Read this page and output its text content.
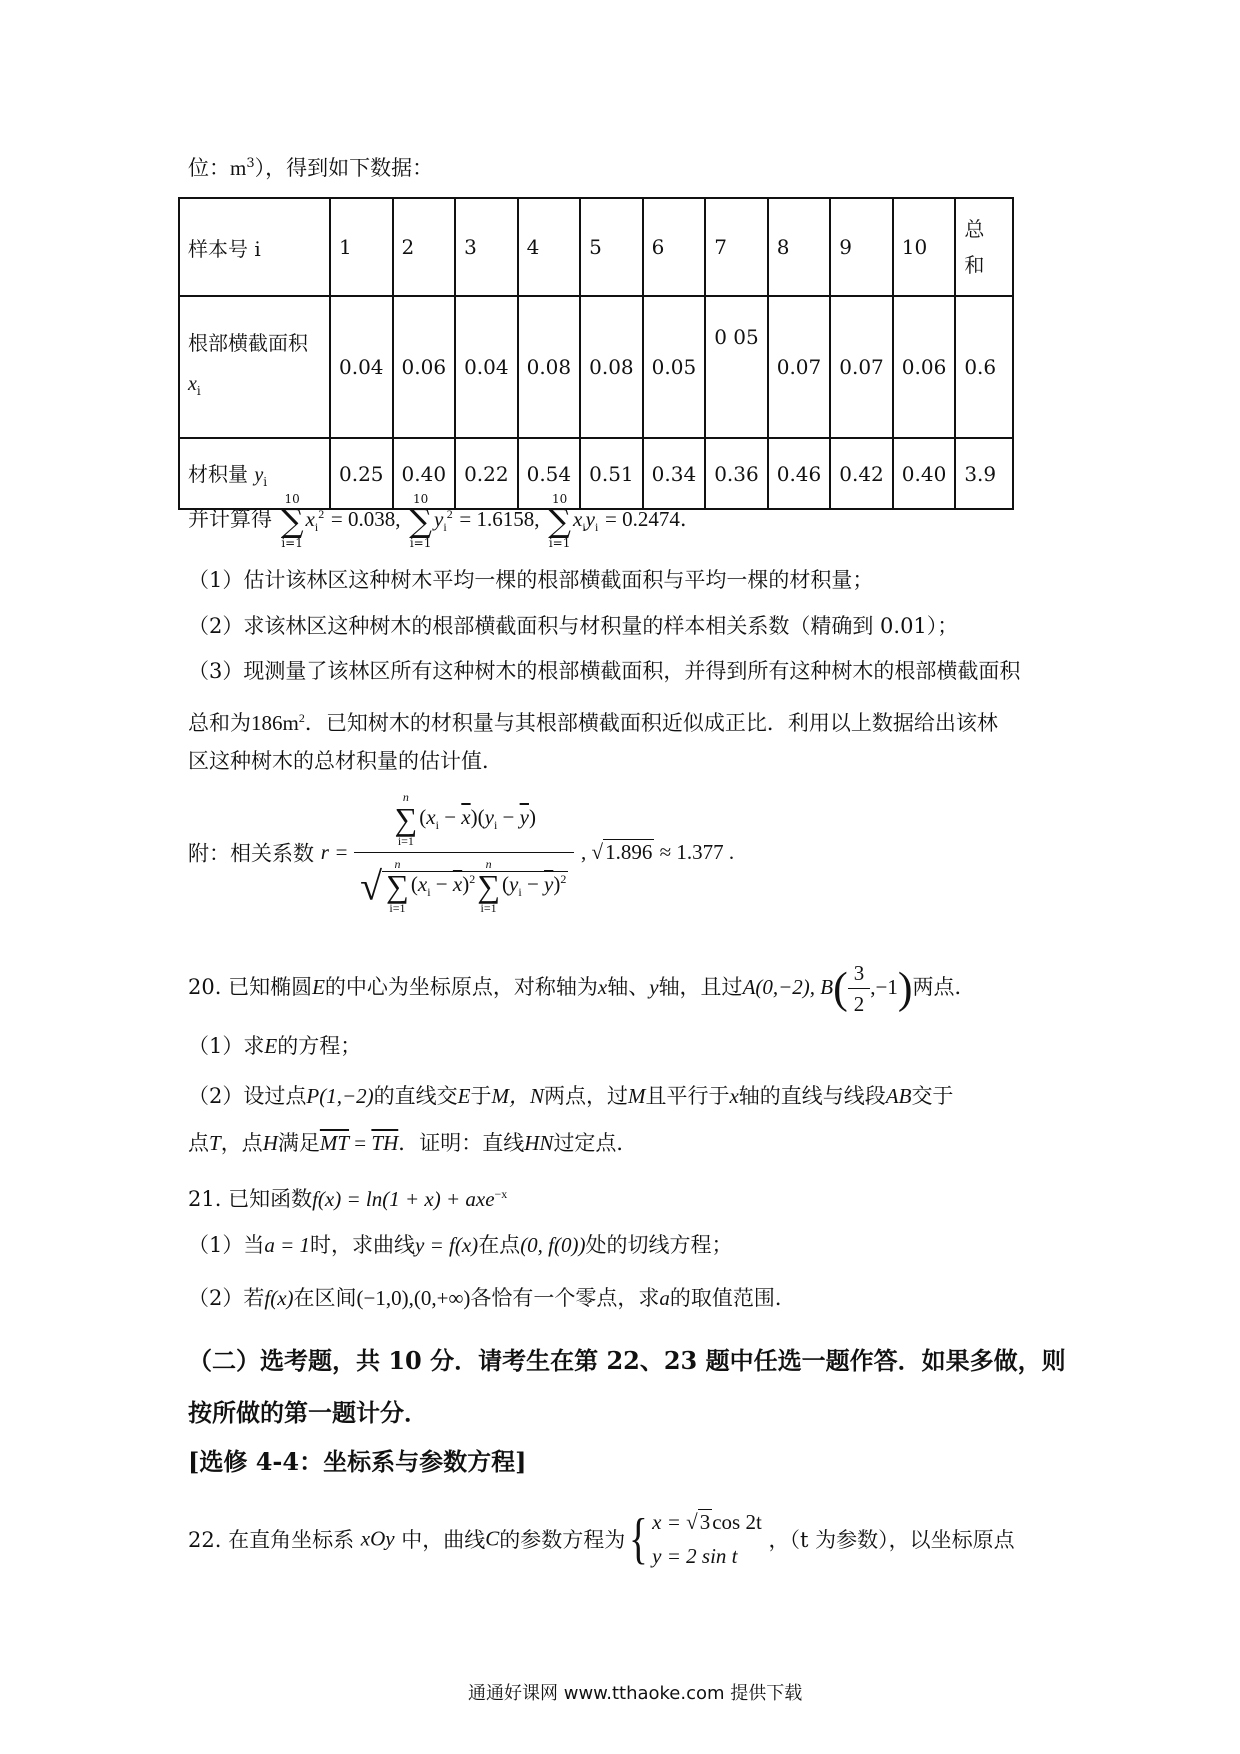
位：$m^3$），得到如下数据：
样本号 i	1	2	3	4	5	6	7	8	9	10	总
和

根部横截面积
$x_i$	0.04	0.06	0.04	0.08	0.08	0.05	0 05	0.07	0.07	0.06	0.6
材积量 $y_i$	0.25	0.40	0.22	0.54	0.51	0.34	0.36	0.46	0.42	0.40	3.9
并计算得
10
∑
i=1
$x_i^2 = 0.038$,
10
∑
i=1
$y_i^2 = 1.6158$,
10
∑
i=1
$x_iy_i = 0.2474$.
（1）估计该林区这种树木平均一棵的根部横截面积与平均一棵的材积量；
（2）求该林区这种树木的根部横截面积与材积量的样本相关系数（精确到 0.01）；
（3）现测量了该林区所有这种树木的根部横截面积，并得到所有这种树木的根部横截面积
总和为$186m^2$．已知树木的材积量与其根部横截面积近似成正比．利用以上数据给出该林
区这种树木的总材积量的估计值．
附：相关系数 r = n
∑
i=1
$(x_i - \overline{x})(y_i - \overline{y})$
√	n
∑
i=1
$(x_i - \overline{x})^2$
n
∑
i=1
$(y_i - \overline{y})^2$ , √1.896 ≈ 1.377 .
20. 已知椭圆E的中心为坐标原点，对称轴为x轴、y轴，且过A(0,−2), $B( \frac{3}{2} ,-1)$两点．
（1）求E的方程；
（2）设过点P(1,−2)的直线交E于M，N两点，过M且平行于x轴的直线与线段AB交于
点T，点H满足$\overline{MT} = \overline{TH}$．证明：直线HN过定点．
21. 已知函数f(x) = ln(1 + x) + axe$^{-x}$
（1）当a = 1时，求曲线y = f(x)在点(0, f(0))处的切线方程；
（2）若f(x)在区间(−1,0),(0,+∞)各恰有一个零点，求a的取值范围．
（二）选考题，共 10 分．请考生在第 22、23 题中任选一题作答．如果多做，则
按所做的第一题计分．
[选修 4-4：坐标系与参数方程]
22. 在直角坐标系 xOy 中，曲线C的参数方程为{ x = √3cos 2t
y = 2 sin t
，（t 为参数），以坐标原点
通通好课网 www.tthaoke.com 提供下载
